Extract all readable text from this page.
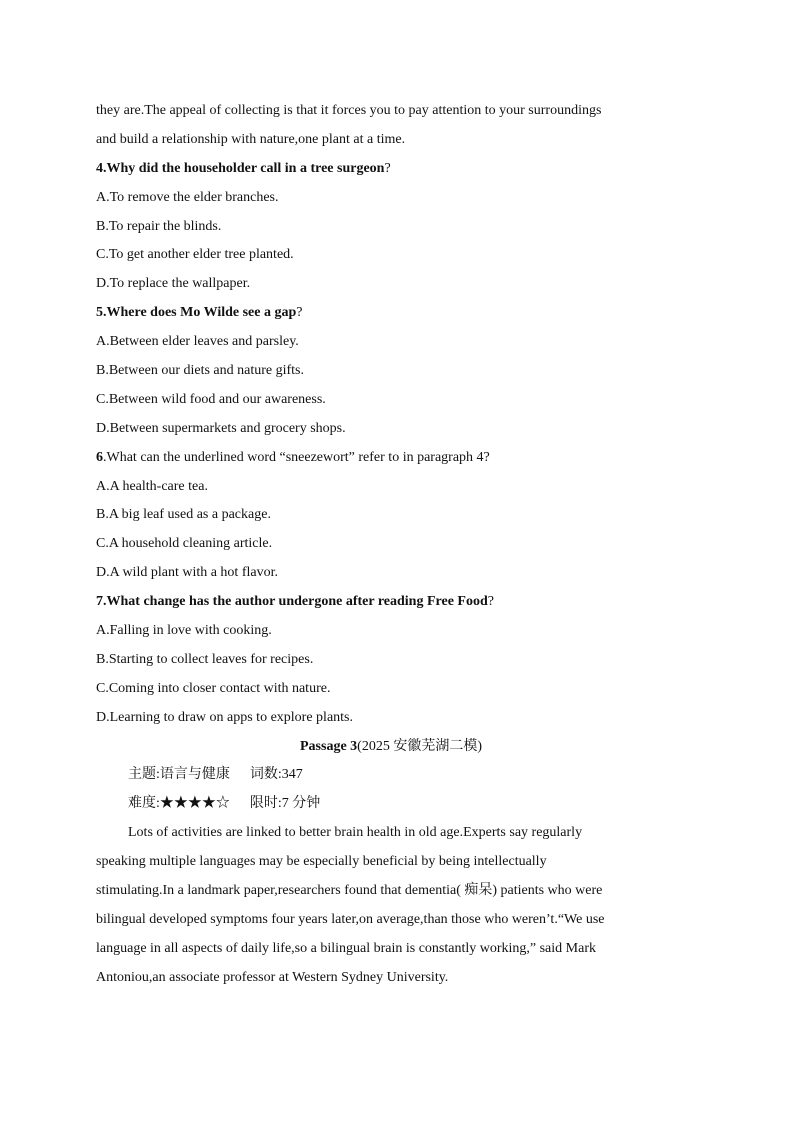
they are.The appeal of collecting is that it forces you to pay attention to your surroundings
and build a relationship with nature,one plant at a time.
4.Why did the householder call in a tree surgeon?
A.To remove the elder branches.
B.To repair the blinds.
C.To get another elder tree planted.
D.To replace the wallpaper.
5.Where does Mo Wilde see a gap?
A.Between elder leaves and parsley.
B.Between our diets and nature gifts.
C.Between wild food and our awareness.
D.Between supermarkets and grocery shops.
6.What can the underlined word “sneezewort” refer to in paragraph 4?
A.A health-care tea.
B.A big leaf used as a package.
C.A household cleaning article.
D.A wild plant with a hot flavor.
7.What change has the author undergone after reading Free Food?
A.Falling in love with cooking.
B.Starting to collect leaves for recipes.
C.Coming into closer contact with nature.
D.Learning to draw on apps to explore plants.
Passage 3(2025 安徽芜湖二模)
主题:语言与健康 词数:347
难度:★★★★☆ 限时:7 分钟
Lots of activities are linked to better brain health in old age.Experts say regularly
speaking multiple languages may be especially beneficial by being intellectually
stimulating.In a landmark paper,researchers found that dementia( 痴呆) patients who were
bilingual developed symptoms four years later,on average,than those who weren’t.“We use
language in all aspects of daily life,so a bilingual brain is constantly working,” said Mark
Antoniou,an associate professor at Western Sydney University.
